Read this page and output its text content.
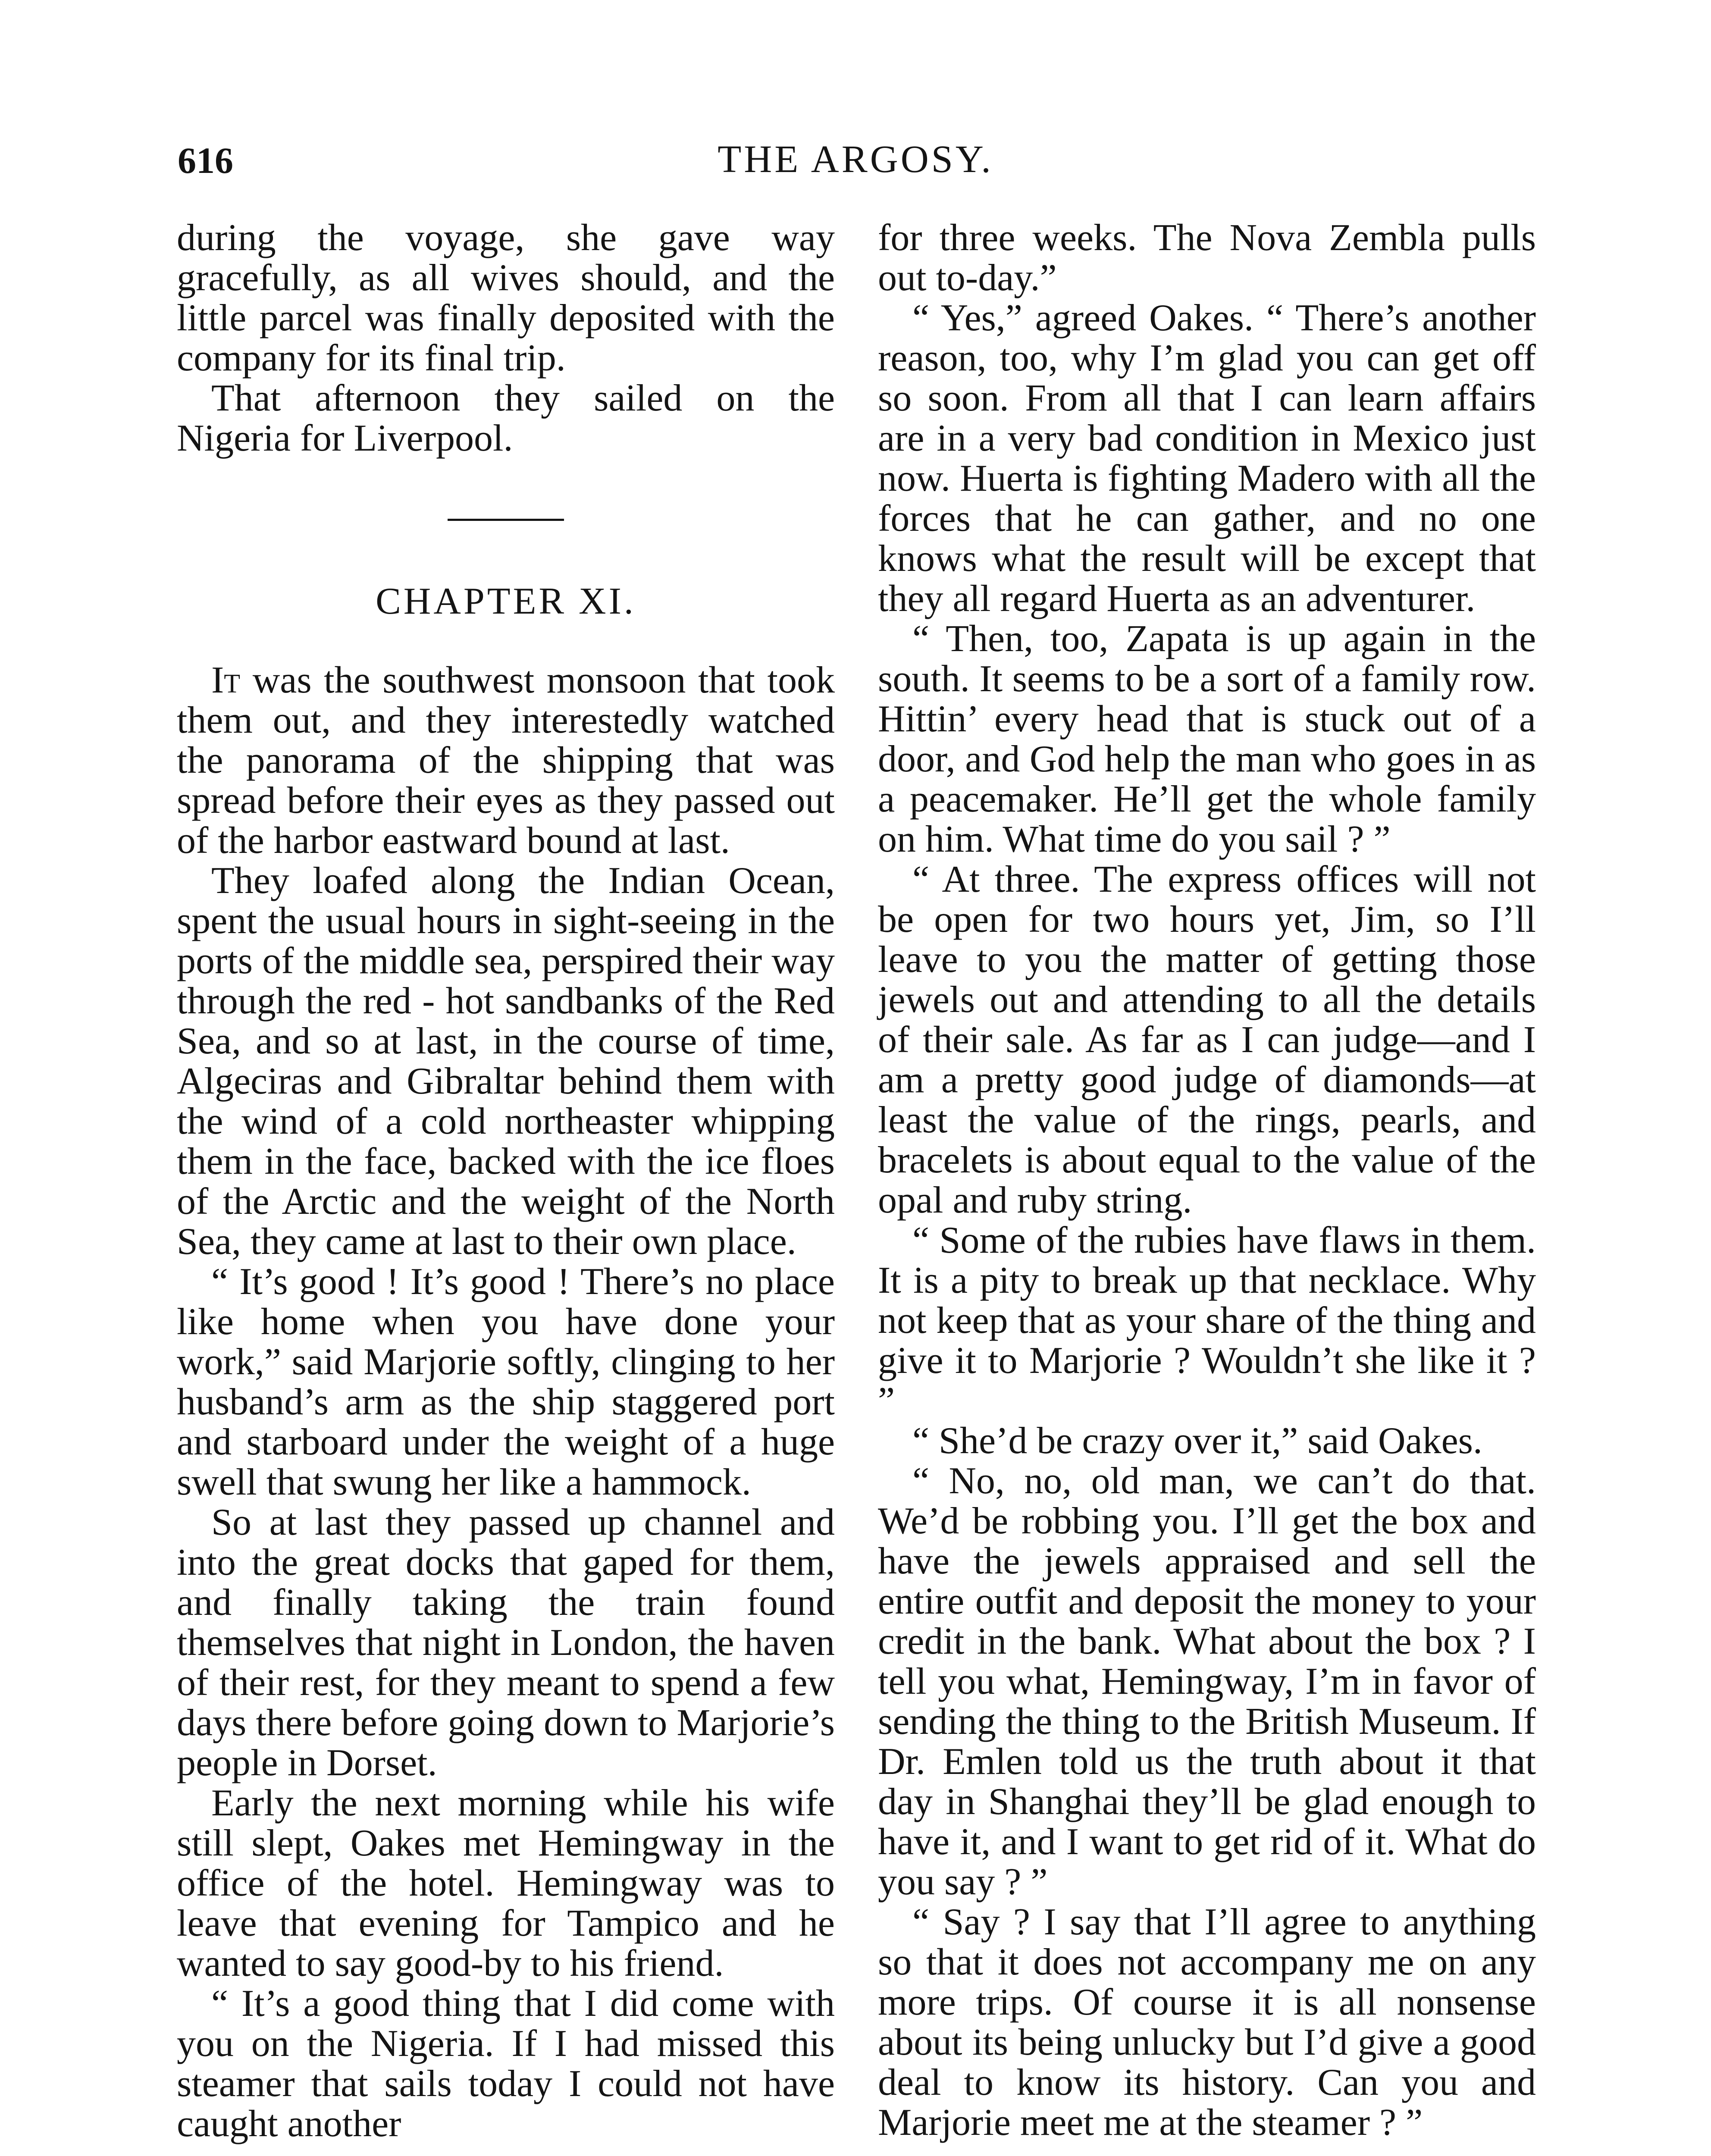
616	THE ARGOSY.

during the voyage, she gave way gracefully, as all wives should, and the little parcel was finally deposited with the company for its final trip.

That afternoon they sailed on the Nigeria for Liverpool.

CHAPTER XI.

It was the southwest monsoon that took them out, and they interestedly watched the panorama of the shipping that was spread before their eyes as they passed out of the harbor eastward bound at last.

They loafed along the Indian Ocean, spent the usual hours in sight-seeing in the ports of the middle sea, perspired their way through the red - hot sandbanks of the Red Sea, and so at last, in the course of time, Algeciras and Gibraltar behind them with the wind of a cold northeaster whipping them in the face, backed with the ice floes of the Arctic and the weight of the North Sea, they came at last to their own place.

“ It’s good ! It’s good ! There’s no place like home when you have done your work,” said Marjorie softly, clinging to her husband’s arm as the ship staggered port and starboard under the weight of a huge swell that swung her like a hammock.

So at last they passed up channel and into the great docks that gaped for them, and finally taking the train found themselves that night in London, the haven of their rest, for they meant to spend a few days there before going down to Marjorie’s people in Dorset.

Early the next morning while his wife still slept, Oakes met Hemingway in the office of the hotel. Hemingway was to leave that evening for Tampico and he wanted to say good-by to his friend.

“ It’s a good thing that I did come with you on the Nigeria. If I had missed this steamer that sails today I could not have caught another

for three weeks. The Nova Zembla pulls out to-day.”

“ Yes,” agreed Oakes. “ There’s another reason, too, why I’m glad you can get off so soon. From all that I can learn affairs are in a very bad condition in Mexico just now. Huerta is fighting Madero with all the forces that he can gather, and no one knows what the result will be except that they all regard Huerta as an adventurer.

“ Then, too, Zapata is up again in the south. It seems to be a sort of a family row. Hittin’ every head that is stuck out of a door, and God help the man who goes in as a peacemaker. He’ll get the whole family on him. What time do you sail ? ”

“ At three. The express offices will not be open for two hours yet, Jim, so I’ll leave to you the matter of getting those jewels out and attending to all the details of their sale. As far as I can judge—and I am a pretty good judge of diamonds—at least the value of the rings, pearls, and bracelets is about equal to the value of the opal and ruby string.

“ Some of the rubies have flaws in them. It is a pity to break up that necklace. Why not keep that as your share of the thing and give it to Marjorie ? Wouldn’t she like it ? ”

“ She’d be crazy over it,” said Oakes.

“ No, no, old man, we can’t do that. We’d be robbing you. I’ll get the box and have the jewels appraised and sell the entire outfit and deposit the money to your credit in the bank. What about the box ? I tell you what, Hemingway, I’m in favor of sending the thing to the British Museum. If Dr. Emlen told us the truth about it that day in Shanghai they’ll be glad enough to have it, and I want to get rid of it. What do you say ? ”

“ Say ? I say that I’ll agree to anything so that it does not accompany me on any more trips. Of course it is all nonsense about its being unlucky but I’d give a good deal to know its history. Can you and Marjorie meet me at the steamer ? ”
